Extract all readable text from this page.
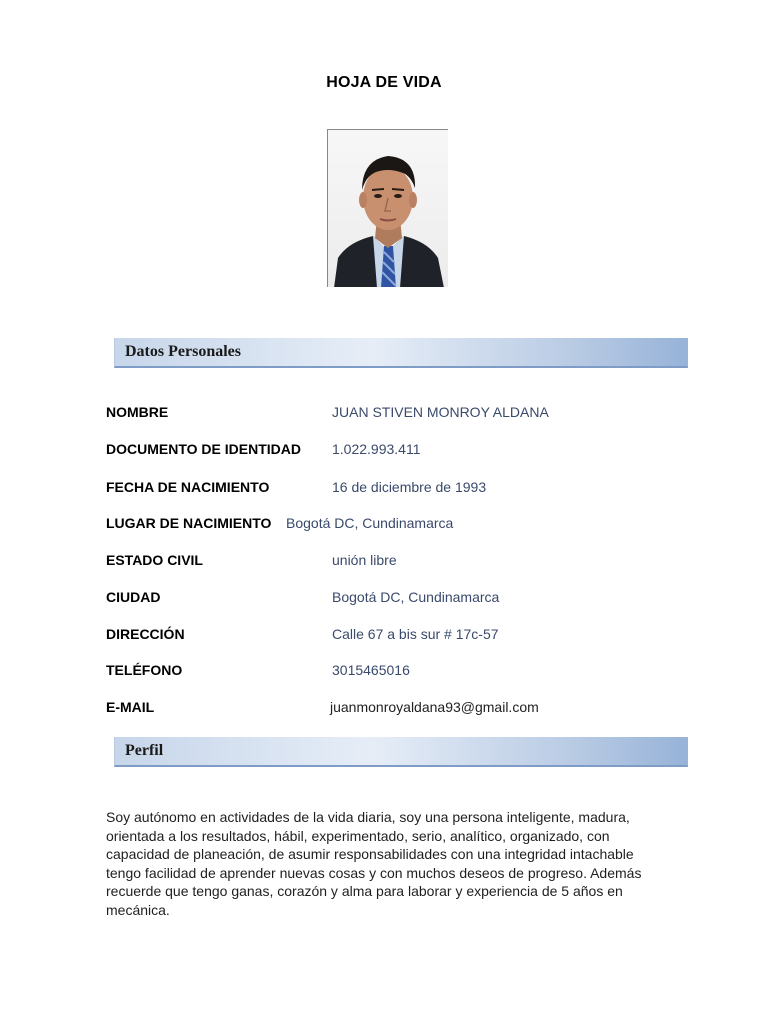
HOJA DE VIDA
Datos Personales
NOMBRE	JUAN STIVEN MONROY ALDANA
DOCUMENTO DE IDENTIDAD 1.022.993.411
FECHA DE NACIMIENTO	16 de diciembre de 1993
LUGAR DE NACIMIENTO Bogotá DC, Cundinamarca
ESTADO CIVIL	unión libre
CIUDAD	Bogotá DC, Cundinamarca
DIRECCIÓN	Calle 67 a bis sur # 17c-57
TELÉFONO	3015465016
E-MAIL	juanmonroyaldana93@gmail.com
Perfil
Soy autónomo en actividades de la vida diaria, soy una persona inteligente, madura, orientada a los resultados, hábil, experimentado, serio, analítico, organizado, con capacidad de planeación, de asumir responsabilidades con una integridad intachable tengo facilidad de aprender nuevas cosas y con muchos deseos de progreso. Además recuerde que tengo ganas, corazón y alma para laborar y experiencia de 5 años en mecánica.
